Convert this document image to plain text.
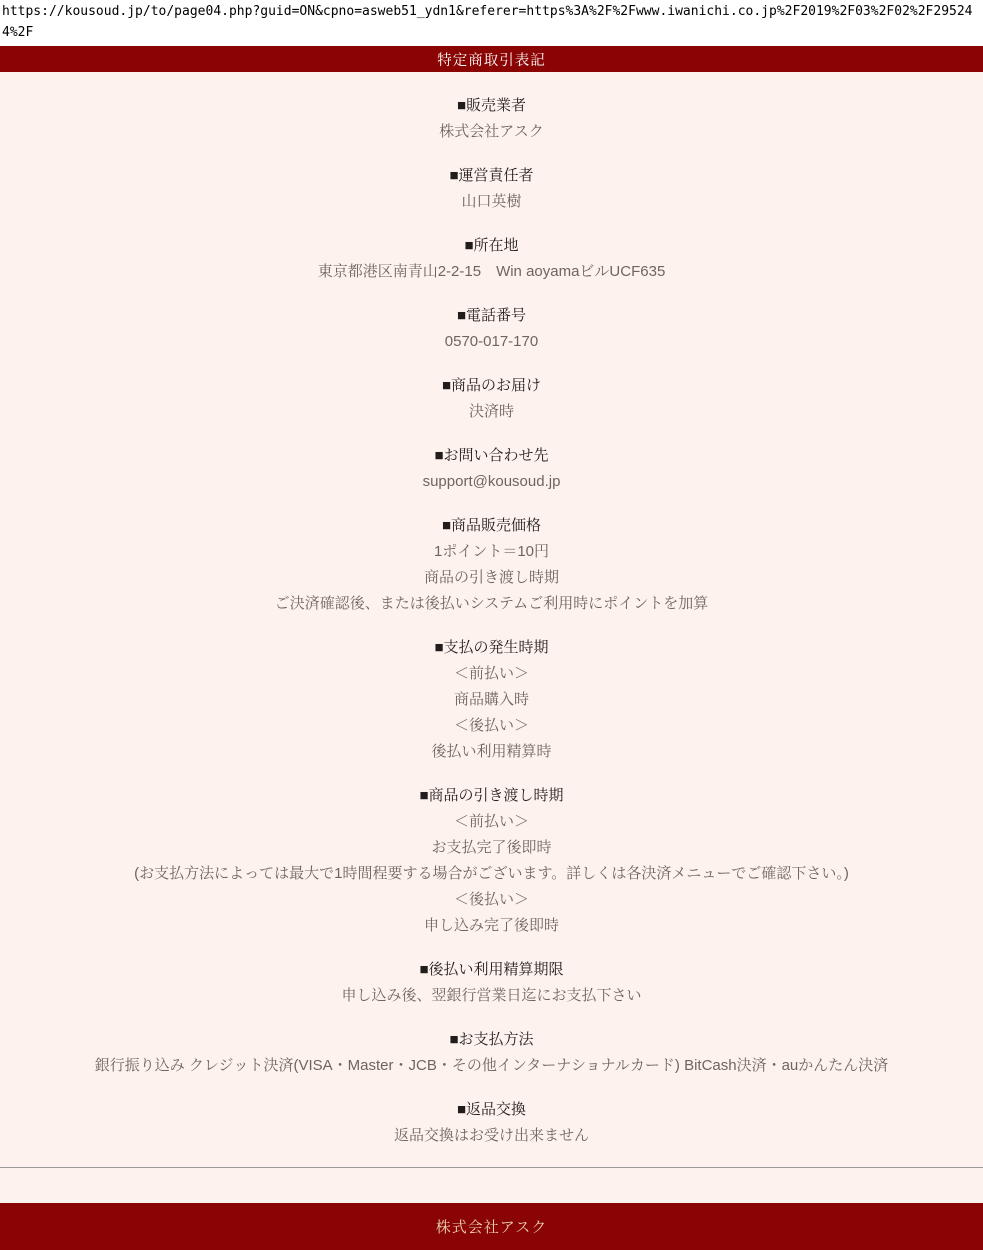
https://kousoud.jp/to/page04.php?guid=ON&cpno=asweb51_ydn1&referer=https%3A%2F%2Fwww.iwanichi.co.jp%2F2019%2F03%2F02%2F295244%2F
特定商取引表記
■販売業者
株式会社アスク
■運営責任者
山口英樹
■所在地
東京都港区南青山2-2-15　Win aoyamaビルUCF635
■電話番号
0570-017-170
■商品のお届け
決済時
■お問い合わせ先
support@kousoud.jp
■商品販売価格
1ポイント＝10円
商品の引き渡し時期
ご決済確認後、または後払いシステムご利用時にポイントを加算
■支払の発生時期
＜前払い＞
商品購入時
＜後払い＞
後払い利用精算時
■商品の引き渡し時期
＜前払い＞
お支払完了後即時
(お支払方法によっては最大で1時間程要する場合がございます。詳しくは各決済メニューでご確認下さい。)
＜後払い＞
申し込み完了後即時
■後払い利用精算期限
申し込み後、翌銀行営業日迄にお支払下さい
■お支払方法
銀行振り込み クレジット決済(VISA・Master・JCB・その他インターナショナルカード) BitCash決済・auかんたん決済
■返品交換
返品交換はお受け出来ません
株式会社アスク
